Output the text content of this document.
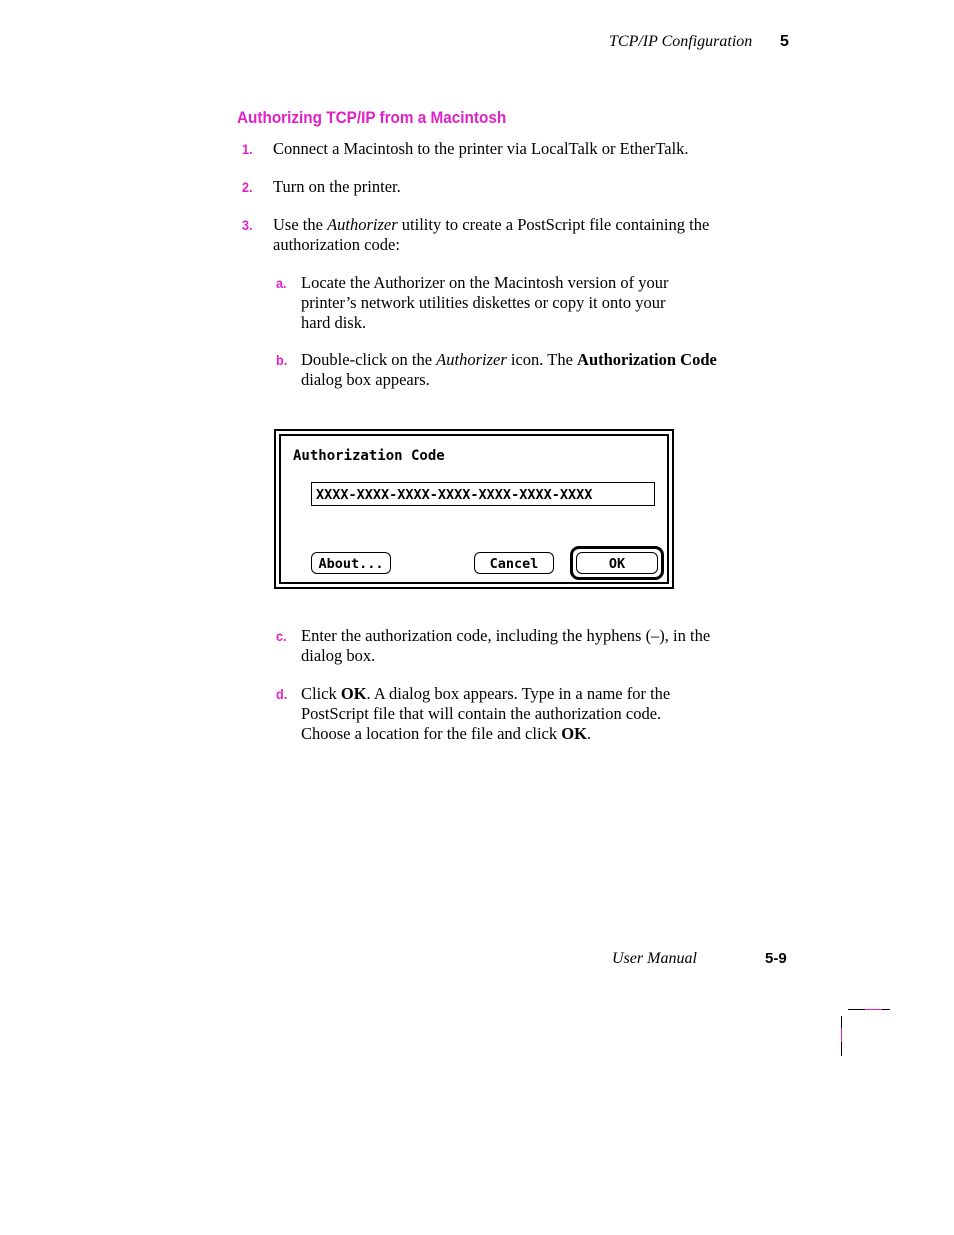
TCP/IP Configuration 5
Authorizing TCP/IP from a Macintosh
1. Connect a Macintosh to the printer via LocalTalk or EtherTalk.
2. Turn on the printer.
3. Use the Authorizer utility to create a PostScript file containing the
authorization code:
a. Locate the Authorizer on the Macintosh version of your
printer’s network utilities diskettes or copy it onto your
hard disk.
b. Double-click on the Authorizer icon. The Authorization Code
dialog box appears.
Authorization Code
XXXX-XXXX-XXXX-XXXX-XXXX-XXXX-XXXX
About...	Cancel	OK
c. Enter the authorization code, including the hyphens (–), in the
dialog box.
d. Click OK. A dialog box appears. Type in a name for the
PostScript file that will contain the authorization code.
Choose a location for the file and click OK.
User Manual	5-9
